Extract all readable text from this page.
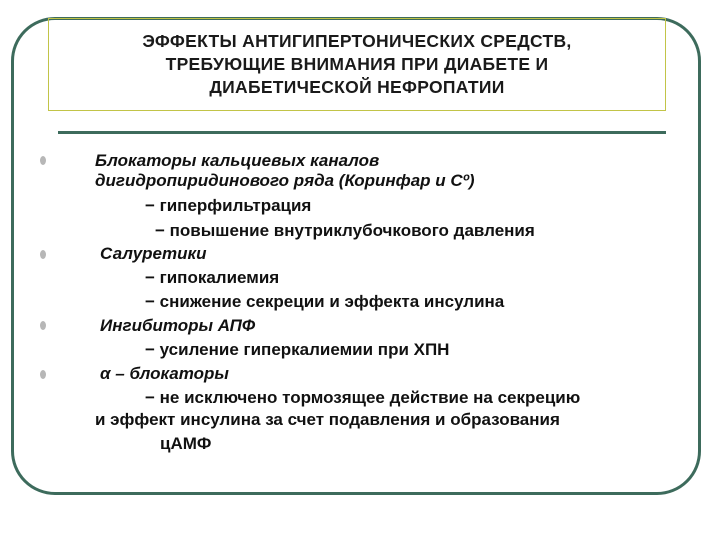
ЭФФЕКТЫ АНТИГИПЕРТОНИЧЕСКИХ СРЕДСТВ,
ТРЕБУЮЩИЕ ВНИМАНИЯ ПРИ ДИАБЕТЕ И
ДИАБЕТИЧЕСКОЙ НЕФРОПАТИИ
Блокаторы кальциевых каналов
дигидропиридинового ряда (Коринфар и Сº)
− гиперфильтрация
− повышение внутриклубочкового давления
Салуретики
− гипокалиемия
− снижение секреции и эффекта инсулина
Ингибиторы АПФ
− усиление гиперкалиемии при ХПН
α – блокаторы
− не исключено тормозящее действие на секрецию
и эффект инсулина за счет подавления и образования
цАМФ
